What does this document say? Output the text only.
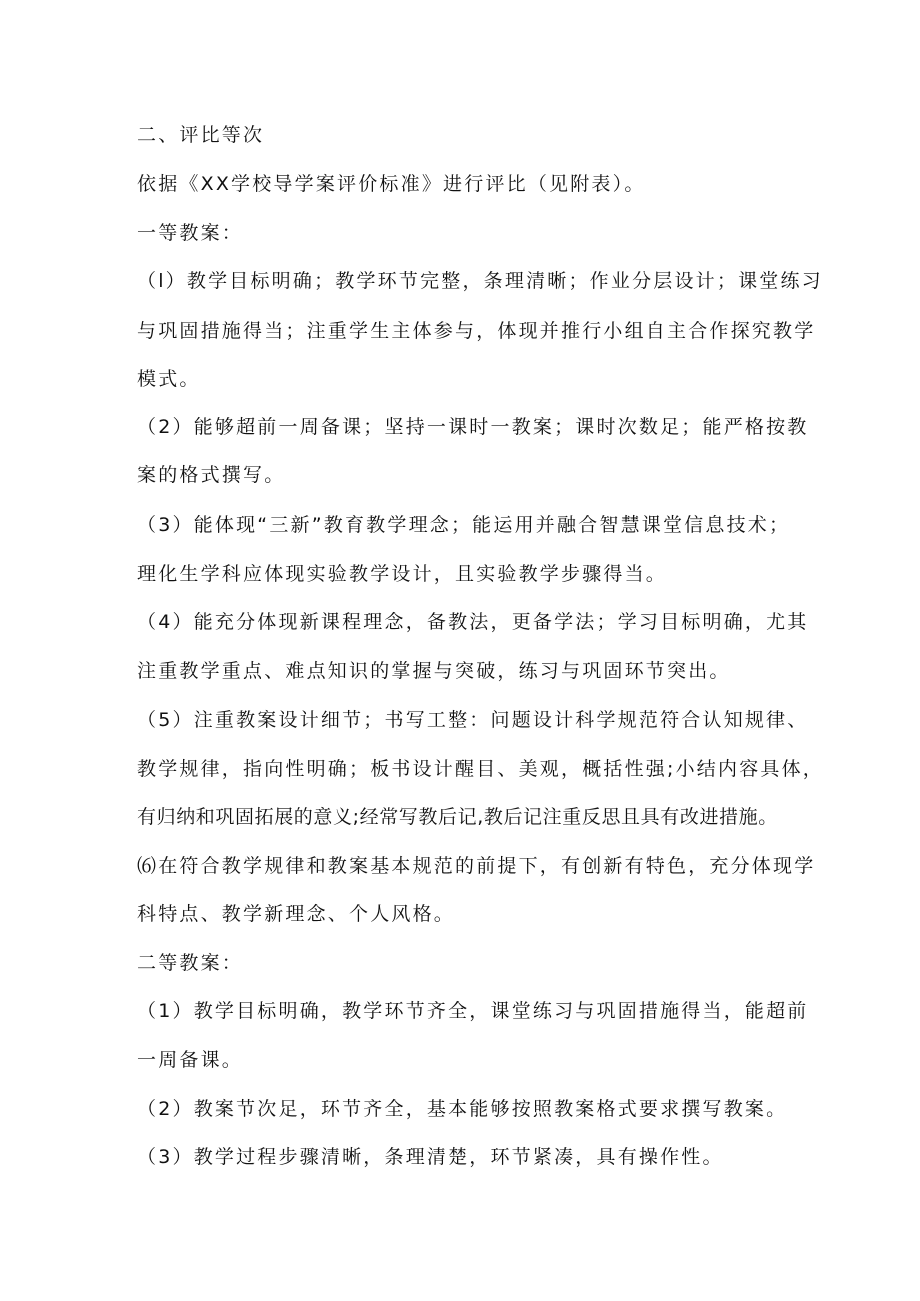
二、评比等次
依据《XX学校导学案评价标准》进行评比（见附表）。
一等教案：
（l）教学目标明确；教学环节完整，条理清晰；作业分层设计；课堂练习
与巩固措施得当；注重学生主体参与，体现并推行小组自主合作探究教学
模式。
（2）能够超前一周备课；坚持一课时一教案；课时次数足；能严格按教
案的格式撰写。
（3）能体现“三新”教育教学理念；能运用并融合智慧课堂信息技术；
理化生学科应体现实验教学设计，且实验教学步骤得当。
（4）能充分体现新课程理念，备教法，更备学法；学习目标明确，尤其
注重教学重点、难点知识的掌握与突破，练习与巩固环节突出。
（5）注重教案设计细节；书写工整：问题设计科学规范符合认知规律、
教学规律，指向性明确；板书设计醒目、美观，概括性强;小结内容具体，
有归纳和巩固拓展的意义;经常写教后记,教后记注重反思且具有改进措施。
⑹在符合教学规律和教案基本规范的前提下，有创新有特色，充分体现学
科特点、教学新理念、个人风格。
二等教案：
（1）教学目标明确，教学环节齐全，课堂练习与巩固措施得当，能超前
一周备课。
（2）教案节次足，环节齐全，基本能够按照教案格式要求撰写教案。
（3）教学过程步骤清晰，条理清楚，环节紧凑，具有操作性。
